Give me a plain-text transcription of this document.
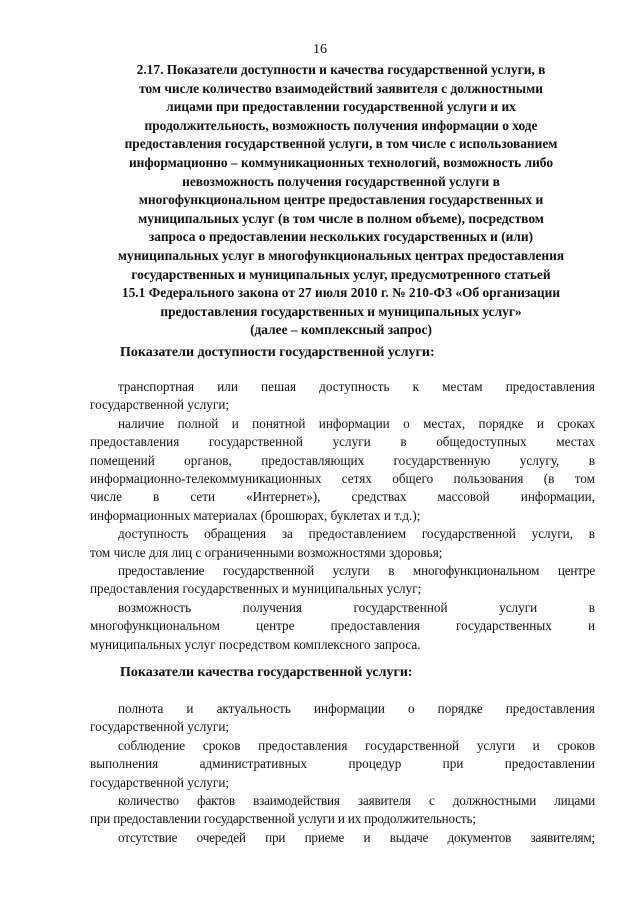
16
2.17. Показатели доступности и качества государственной услуги, в
том числе количество взаимодействий заявителя с должностными
лицами при предоставлении государственной услуги и их
продолжительность, возможность получения информации о ходе
предоставления государственной услуги, в том числе с использованием
информационно – коммуникационных технологий, возможность либо
невозможность получения государственной услуги в
многофункциональном центре предоставления государственных и
муниципальных услуг (в том числе в полном объеме), посредством
запроса о предоставлении нескольких государственных и (или)
муниципальных услуг в многофункциональных центрах предоставления
государственных и муниципальных услуг, предусмотренного статьей
15.1 Федерального закона от 27 июля 2010 г. № 210-ФЗ «Об организации
предоставления государственных и муниципальных услуг»
(далее – комплексный запрос)
Показатели доступности государственной услуги:

транспортная или пешая доступность к местам предоставления

государственной услуги;

наличие полной и понятной информации о местах, порядке и сроках

предоставления государственной услуги в общедоступных местах

помещений органов, предоставляющих государственную услугу, в

информационно-телекоммуникационных сетях общего пользования (в том

числе в сети «Интернет»), средствах массовой информации,

информационных материалах (брошюрах, буклетах и т.д.);

доступность обращения за предоставлением государственной услуги, в

том числе для лиц с ограниченными возможностями здоровья;

предоставление государственной услуги в многофункциональном центре

предоставления государственных и муниципальных услуг;

возможность получения государственной услуги в

многофункциональном центре предоставления государственных и

муниципальных услуг посредством комплексного запроса.

Показатели качества государственной услуги:

полнота и актуальность информации о порядке предоставления

государственной услуги;

соблюдение сроков предоставления государственной услуги и сроков

выполнения административных процедур при предоставлении

государственной услуги;

количество фактов взаимодействия заявителя с должностными лицами

при предоставлении государственной услуги и их продолжительность;

отсутствие очередей при приеме и выдаче документов заявителям;
